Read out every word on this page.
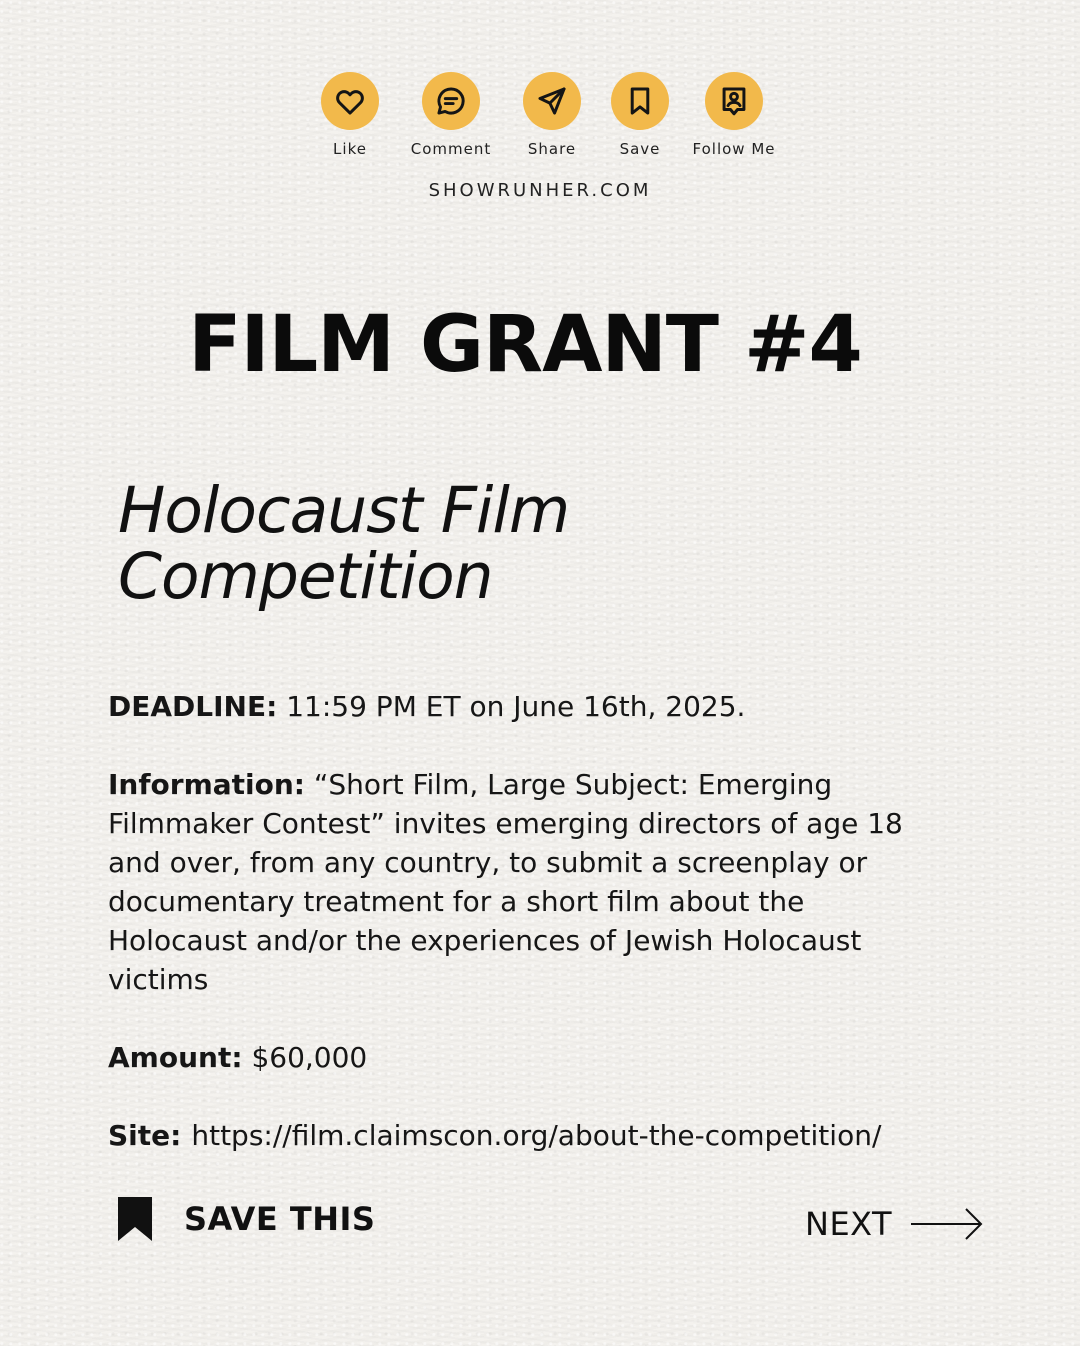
Like	Comment	Share	Save	Follow Me
SHOWRUNHER.COM
FILM GRANT #4
Holocaust Film Competition

DEADLINE: 11:59 PM ET on June 16th, 2025.

Information: “Short Film, Large Subject: Emerging Filmmaker Contest” invites emerging directors of age 18 and over, from any country, to submit a screenplay or documentary treatment for a short film about the Holocaust and/or the experiences of Jewish Holocaust victims

Amount: $60,000

Site: https://film.claimscon.org/about-the-competition/

SAVE THIS	NEXT
